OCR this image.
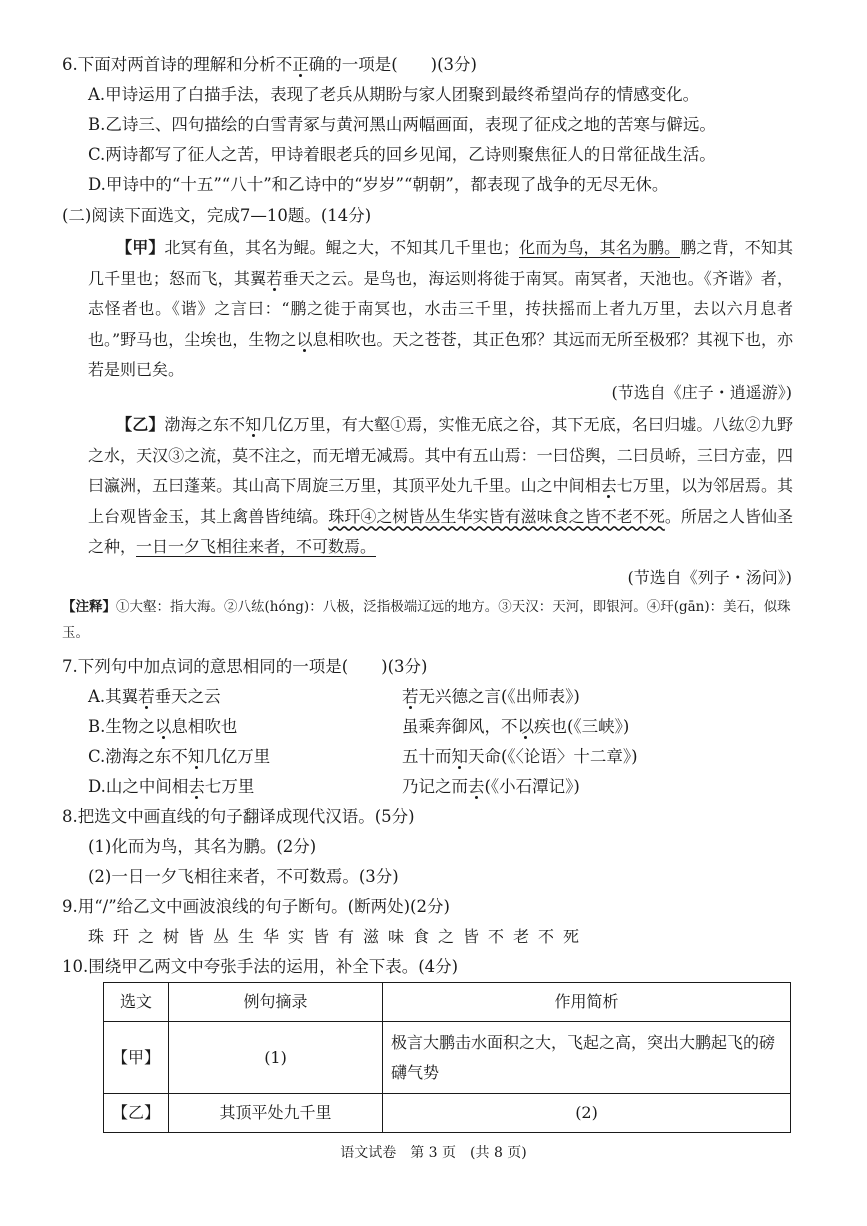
6.下面对两首诗的理解和分析不正确的一项是(　　)(3分)
A.甲诗运用了白描手法，表现了老兵从期盼与家人团聚到最终希望尚存的情感变化。
B.乙诗三、四句描绘的白雪青冢与黄河黑山两幅画面，表现了征戍之地的苦寒与僻远。
C.两诗都写了征人之苦，甲诗着眼老兵的回乡见闻，乙诗则聚焦征人的日常征战生活。
D.甲诗中的“十五”“八十”和乙诗中的“岁岁”“朝朝”，都表现了战争的无尽无休。
(二)阅读下面选文，完成7—10题。(14分)
【甲】北冥有鱼，其名为鲲。鲲之大，不知其几千里也；化而为鸟，其名为鹏。鹏之背，不知其几千里也；怒而飞，其翼若垂天之云。是鸟也，海运则将徙于南冥。南冥者，天池也。《齐谐》者，志怪者也。《谐》之言曰：“鹏之徙于南冥也，水击三千里，抟扶摇而上者九万里，去以六月息者也。”野马也，尘埃也，生物之以息相吹也。天之苍苍，其正色邪？其远而无所至极邪？其视下也，亦若是则已矣。
(节选自《庄子・逍遥游》)
【乙】渤海之东不知几亿万里，有大壑①焉，实惟无底之谷，其下无底，名曰归墟。八纮②九野之水，天汉③之流，莫不注之，而无增无减焉。其中有五山焉：一曰岱舆，二曰员峤，三曰方壶，四曰瀛洲，五曰蓬莱。其山高下周旋三万里，其顶平处九千里。山之中间相去七万里，以为邻居焉。其上台观皆金玉，其上禽兽皆纯缟。珠玕④之树皆丛生华实皆有滋味食之皆不老不死。所居之人皆仙圣之种，一日一夕飞相往来者，不可数焉。
(节选自《列子・汤问》)
【注释】①大壑：指大海。②八纮(hóng)：八极，泛指极端辽远的地方。③天汉：天河，即银河。④玕(gān)：美石，似珠玉。
7.下列句中加点词的意思相同的一项是(　　)(3分)
A.其翼若垂天之云	若无兴德之言(《出师表》)
B.生物之以息相吹也	虽乘奔御风，不以疾也(《三峡》)
C.渤海之东不知几亿万里	五十而知天命(《〈论语〉十二章》)
D.山之中间相去七万里	乃记之而去(《小石潭记》)
8.把选文中画直线的句子翻译成现代汉语。(5分)
(1)化而为鸟，其名为鹏。(2分)
(2)一日一夕飞相往来者，不可数焉。(3分)
9.用“/”给乙文中画波浪线的句子断句。(断两处)(2分)
珠玕之树皆丛生华实皆有滋味食之皆不老不死
10.围绕甲乙两文中夸张手法的运用，补全下表。(4分)
选文	例句摘录	作用简析
【甲】	(1)	极言大鹏击水面积之大，飞起之高，突出大鹏起飞的磅礴气势
【乙】	其顶平处九千里	(2)
语文试卷　第 3 页　(共 8 页)
